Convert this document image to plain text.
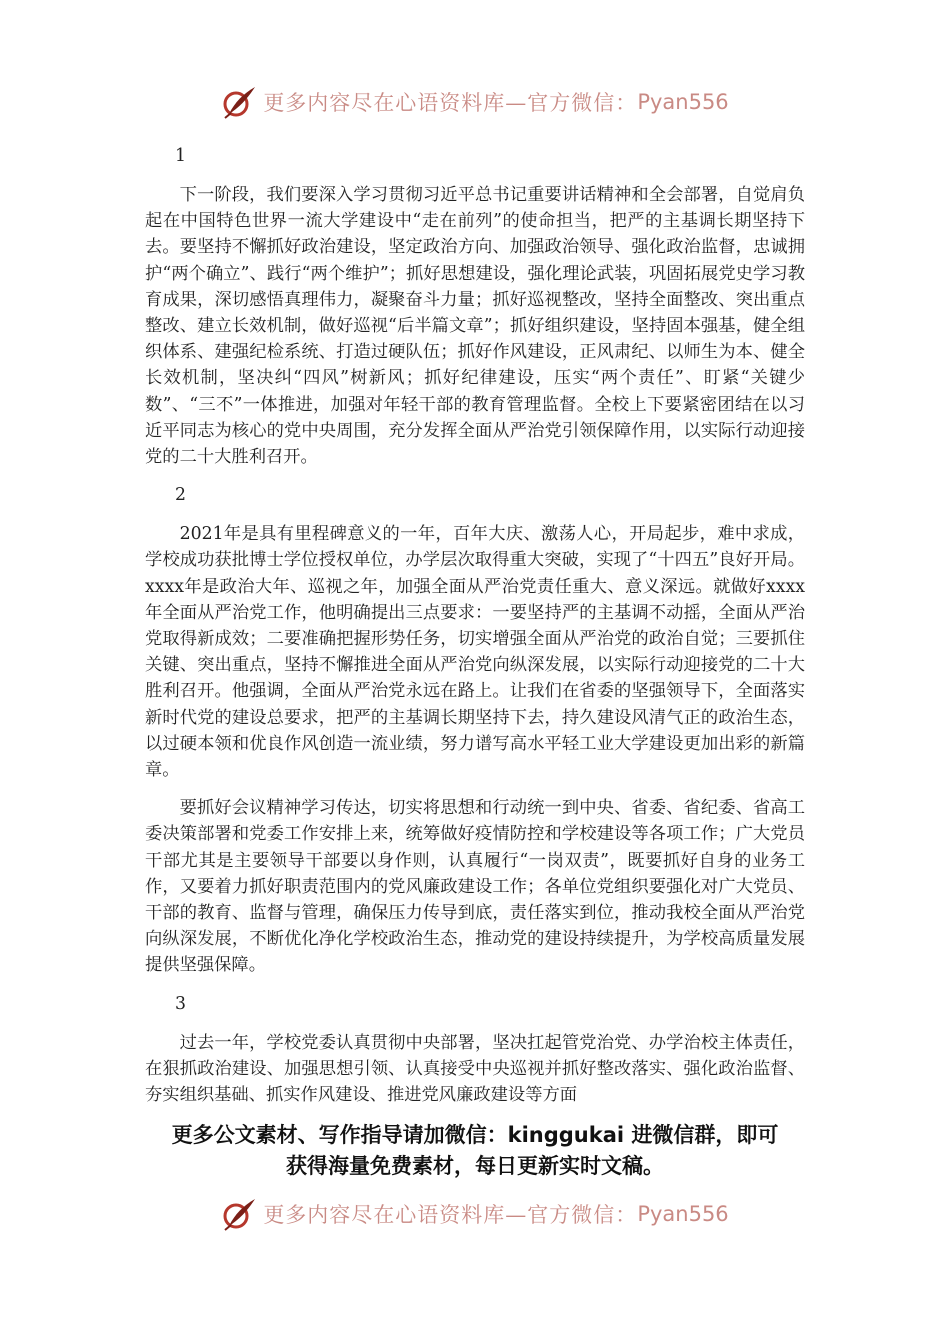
更多内容尽在心语资料库—官方微信： Pyan556
1

下一阶段，我们要深入学习贯彻习近平总书记重要讲话精神和全会部署，自觉肩负起在中国特色世界一流大学建设中“走在前列”的使命担当，把严的主基调长期坚持下去。要坚持不懈抓好政治建设，坚定政治方向、加强政治领导、强化政治监督，忠诚拥护“两个确立”、践行“两个维护”；抓好思想建设，强化理论武装，巩固拓展党史学习教育成果，深切感悟真理伟力，凝聚奋斗力量；抓好巡视整改，坚持全面整改、突出重点整改、建立长效机制，做好巡视“后半篇文章”；抓好组织建设，坚持固本强基，健全组织体系、建强纪检系统、打造过硬队伍；抓好作风建设，正风肃纪、以师生为本、健全长效机制，坚决纠“四风”树新风；抓好纪律建设，压实“两个责任”、盯紧“关键少数”、“三不”一体推进，加强对年轻干部的教育管理监督。全校上下要紧密团结在以习近平同志为核心的党中央周围，充分发挥全面从严治党引领保障作用，以实际行动迎接党的二十大胜利召开。

2

2021年是具有里程碑意义的一年，百年大庆、激荡人心，开局起步，难中求成，学校成功获批博士学位授权单位，办学层次取得重大突破，实现了“十四五”良好开局。xxxx年是政治大年、巡视之年，加强全面从严治党责任重大、意义深远。就做好xxxx年全面从严治党工作，他明确提出三点要求：一要坚持严的主基调不动摇，全面从严治党取得新成效；二要准确把握形势任务，切实增强全面从严治党的政治自觉；三要抓住关键、突出重点，坚持不懈推进全面从严治党向纵深发展，以实际行动迎接党的二十大胜利召开。他强调，全面从严治党永远在路上。让我们在省委的坚强领导下，全面落实新时代党的建设总要求，把严的主基调长期坚持下去，持久建设风清气正的政治生态，以过硬本领和优良作风创造一流业绩，努力谱写高水平轻工业大学建设更加出彩的新篇章。

要抓好会议精神学习传达，切实将思想和行动统一到中央、省委、省纪委、省高工委决策部署和党委工作安排上来，统筹做好疫情防控和学校建设等各项工作；广大党员干部尤其是主要领导干部要以身作则，认真履行“一岗双责”，既要抓好自身的业务工作，又要着力抓好职责范围内的党风廉政建设工作；各单位党组织要强化对广大党员、干部的教育、监督与管理，确保压力传导到底，责任落实到位，推动我校全面从严治党向纵深发展，不断优化净化学校政治生态，推动党的建设持续提升，为学校高质量发展提供坚强保障。

3

过去一年，学校党委认真贯彻中央部署，坚决扛起管党治党、办学治校主体责任，在狠抓政治建设、加强思想引领、认真接受中央巡视并抓好整改落实、强化政治监督、夯实组织基础、抓实作风建设、推进党风廉政建设等方面

更多公文素材、写作指导请加微信：kinggukai 进微信群，即可
获得海量免费素材，每日更新实时文稿。
更多内容尽在心语资料库—官方微信： Pyan556
